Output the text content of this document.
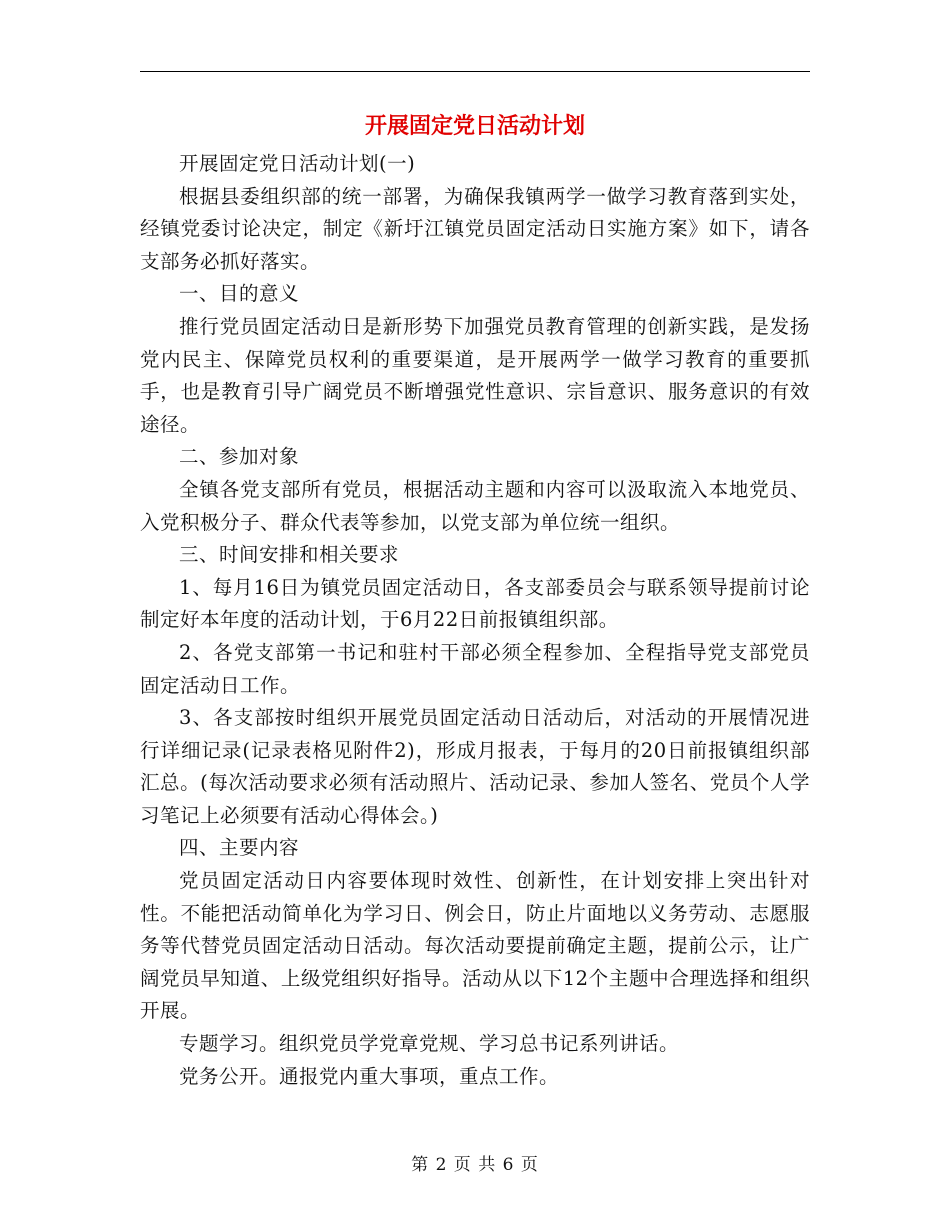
开展固定党日活动计划

开展固定党日活动计划(一)

根据县委组织部的统一部署，为确保我镇两学一做学习教育落到实处，经镇党委讨论决定，制定《新圩江镇党员固定活动日实施方案》如下，请各支部务必抓好落实。

一、目的意义

推行党员固定活动日是新形势下加强党员教育管理的创新实践，是发扬党内民主、保障党员权利的重要渠道，是开展两学一做学习教育的重要抓手，也是教育引导广阔党员不断增强党性意识、宗旨意识、服务意识的有效途径。

二、参加对象

全镇各党支部所有党员，根据活动主题和内容可以汲取流入本地党员、入党积极分子、群众代表等参加，以党支部为单位统一组织。

三、时间安排和相关要求

1、每月16日为镇党员固定活动日，各支部委员会与联系领导提前讨论制定好本年度的活动计划，于6月22日前报镇组织部。

2、各党支部第一书记和驻村干部必须全程参加、全程指导党支部党员固定活动日工作。

3、各支部按时组织开展党员固定活动日活动后，对活动的开展情况进行详细记录(记录表格见附件2)，形成月报表，于每月的20日前报镇组织部汇总。(每次活动要求必须有活动照片、活动记录、参加人签名、党员个人学习笔记上必须要有活动心得体会。)

四、主要内容

党员固定活动日内容要体现时效性、创新性，在计划安排上突出针对性。不能把活动简单化为学习日、例会日，防止片面地以义务劳动、志愿服务等代替党员固定活动日活动。每次活动要提前确定主题，提前公示，让广阔党员早知道、上级党组织好指导。活动从以下12个主题中合理选择和组织开展。

专题学习。组织党员学党章党规、学习总书记系列讲话。

党务公开。通报党内重大事项，重点工作。

第 2 页 共 6 页
